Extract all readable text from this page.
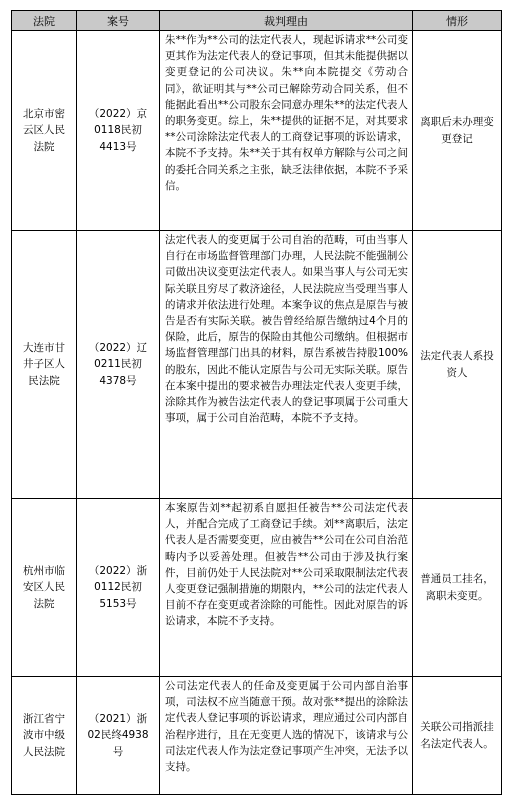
法院	案号	裁判理由	情形
北京市密云区人民法院	（2022）京0118民初4413号	朱**作为**公司的法定代表人，现起诉请求**公司变更其作为法定代表人的登记事项，但其未能提供据以变更登记的公司决议。朱**向本院提交《劳动合同》，欲证明其与**公司已解除劳动合同关系，但不能据此看出**公司股东会同意办理朱**的法定代表人的职务变更。综上，朱**提供的证据不足，对其要求**公司涂除法定代表人的工商登记事项的诉讼请求，本院不予支持。朱**关于其有权单方解除与公司之间的委托合同关系之主张，缺乏法律依据，本院不予采信。	离职后未办理变更登记
大连市甘井子区人民法院	（2022）辽0211民初4378号	法定代表人的变更属于公司自治的范畴，可由当事人自行在市场监督管理部门办理，人民法院不能强制公司做出决议变更法定代表人。如果当事人与公司无实际关联且穷尽了救济途径，人民法院应当受理当事人的请求并依法进行处理。本案争议的焦点是原告与被告是否有实际关联。被告曾经给原告缴纳过4个月的保险，此后，原告的保险由其他公司缴纳。但根据市场监督管理部门出具的材料，原告系被告持股100%的股东，因此不能认定原告与公司无实际关联。原告在本案中提出的要求被告办理法定代表人变更手续，涂除其作为被告法定代表人的登记事项属于公司重大事项，属于公司自治范畴，本院不予支持。	法定代表人系投资人
杭州市临安区人民法院	（2022）浙0112民初5153号	本案原告刘**起初系自愿担任被告**公司法定代表人，并配合完成了工商登记手续。刘**离职后，法定代表人是否需要变更，应由被告**公司在公司自治范畴内予以妥善处理。但被告**公司由于涉及执行案件，目前仍处于人民法院对**公司采取限制法定代表人变更登记强制措施的期限内，**公司的法定代表人目前不存在变更或者涂除的可能性。因此对原告的诉讼请求，本院不予支持。	普通员工挂名，离职未变更。
浙江省宁波市中级人民法院	（2021）浙02民终4938号	公司法定代表人的任命及变更属于公司内部自治事项，司法权不应当随意干预。故对张**提出的涂除法定代表人登记事项的诉讼请求，理应通过公司内部自治程序进行，且在无变更人选的情况下，该请求与公司法定代表人作为法定登记事项产生冲突，无法予以支持。	关联公司指派挂名法定代表人。
